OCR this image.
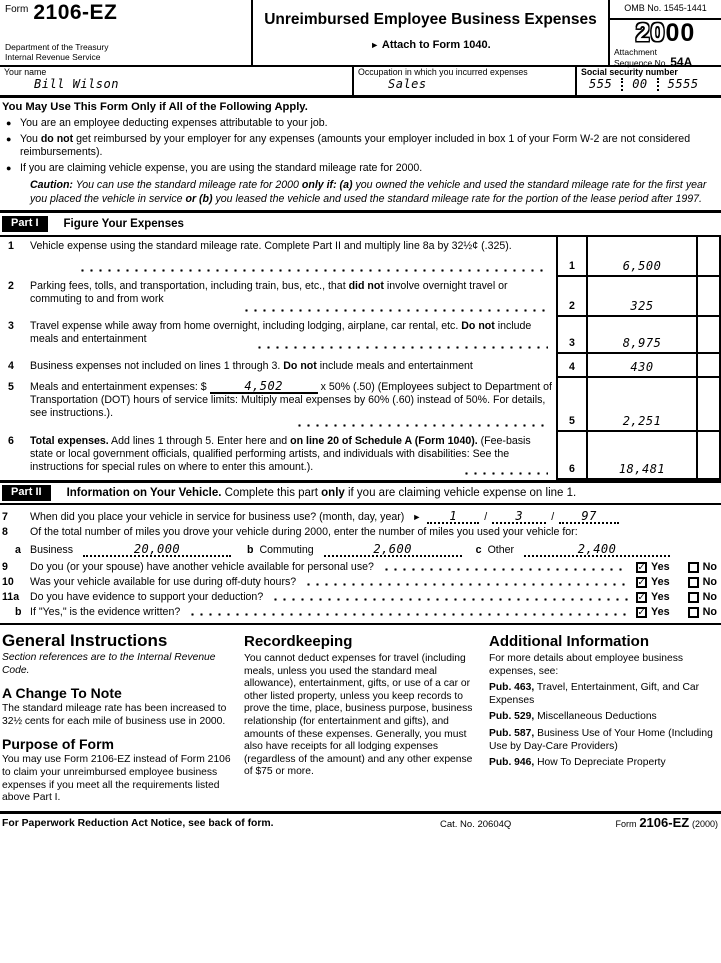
Form 2106-EZ
Department of the Treasury
Internal Revenue Service
Unreimbursed Employee Business Expenses
► Attach to Form 1040.
OMB No. 1545-1441
2000
Attachment
Sequence No. 54A
Your name
Bill Wilson
Occupation in which you incurred expenses
Sales
Social security number
555 00 5555
You May Use This Form Only if All of the Following Apply.
● You are an employee deducting expenses attributable to your job.
● You do not get reimbursed by your employer for any expenses (amounts your employer included in box 1 of your Form W-2 are not considered reimbursements).
● If you are claiming vehicle expense, you are using the standard mileage rate for 2000.
Caution: You can use the standard mileage rate for 2000 only if: (a) you owned the vehicle and used the standard mileage rate for the first year you placed the vehicle in service or (b) you leased the vehicle and used the standard mileage rate for the portion of the lease period after 1997.
Part I	Figure Your Expenses
1 Vehicle expense using the standard mileage rate. Complete Part II and multiply line 8a by 32½¢ (.325).
1	6,500
2 Parking fees, tolls, and transportation, including train, bus, etc., that did not involve overnight travel or commuting to and from work
2	325
3 Travel expense while away from home overnight, including lodging, airplane, car rental, etc. Do not include meals and entertainment	3	8,975
4 Business expenses not included on lines 1 through 3. Do not include meals and entertainment	4	430
5 Meals and entertainment expenses: $	4,502	x 50% (.50) (Employees subject to Department of Transportation (DOT) hours of service limits: Multiply meal expenses by 60% (.60) instead of 50%. For details, see instructions.).
5	2,251
6 Total expenses. Add lines 1 through 5. Enter here and on line 20 of Schedule A (Form 1040). (Fee-basis state or local government officials, qualified performing artists, and individuals with disabilities: See the instructions for special rules on where to enter this amount.).	6	18,481
Part II	Information on Your Vehicle. Complete this part only if you are claiming vehicle expense on line 1.
7	When did you place your vehicle in service for business use? (month, day, year) ►	1	/	3	/	97
8	Of the total number of miles you drove your vehicle during 2000, enter the number of miles you used your vehicle for:
a Business	20,000	b Commuting	2,600	c Other	2,400
9	Do you (or your spouse) have another vehicle available for personal use?	✓ Yes	No
10	Was your vehicle available for use during off-duty hours?	✓ Yes	No
11a	Do you have evidence to support your deduction?	✓ Yes	No
b If "Yes," is the evidence written?	✓ Yes	No
General Instructions
Section references are to the Internal Revenue Code.
A Change To Note
The standard mileage rate has been increased to 32½ cents for each mile of business use in 2000.
Purpose of Form
You may use Form 2106-EZ instead of Form 2106 to claim your unreimbursed employee business expenses if you meet all the requirements listed above Part I.
Recordkeeping
You cannot deduct expenses for travel (including meals, unless you used the standard meal allowance), entertainment, gifts, or use of a car or other listed property, unless you keep records to prove the time, place, business purpose, business relationship (for entertainment and gifts), and amounts of these expenses. Generally, you must also have receipts for all lodging expenses (regardless of the amount) and any other expense of $75 or more.
Additional Information
For more details about employee business expenses, see:
Pub. 463, Travel, Entertainment, Gift, and Car Expenses
Pub. 529, Miscellaneous Deductions
Pub. 587, Business Use of Your Home (Including Use by Day-Care Providers)
Pub. 946, How To Depreciate Property
For Paperwork Reduction Act Notice, see back of form.	Cat. No. 20604Q	Form 2106-EZ (2000)
